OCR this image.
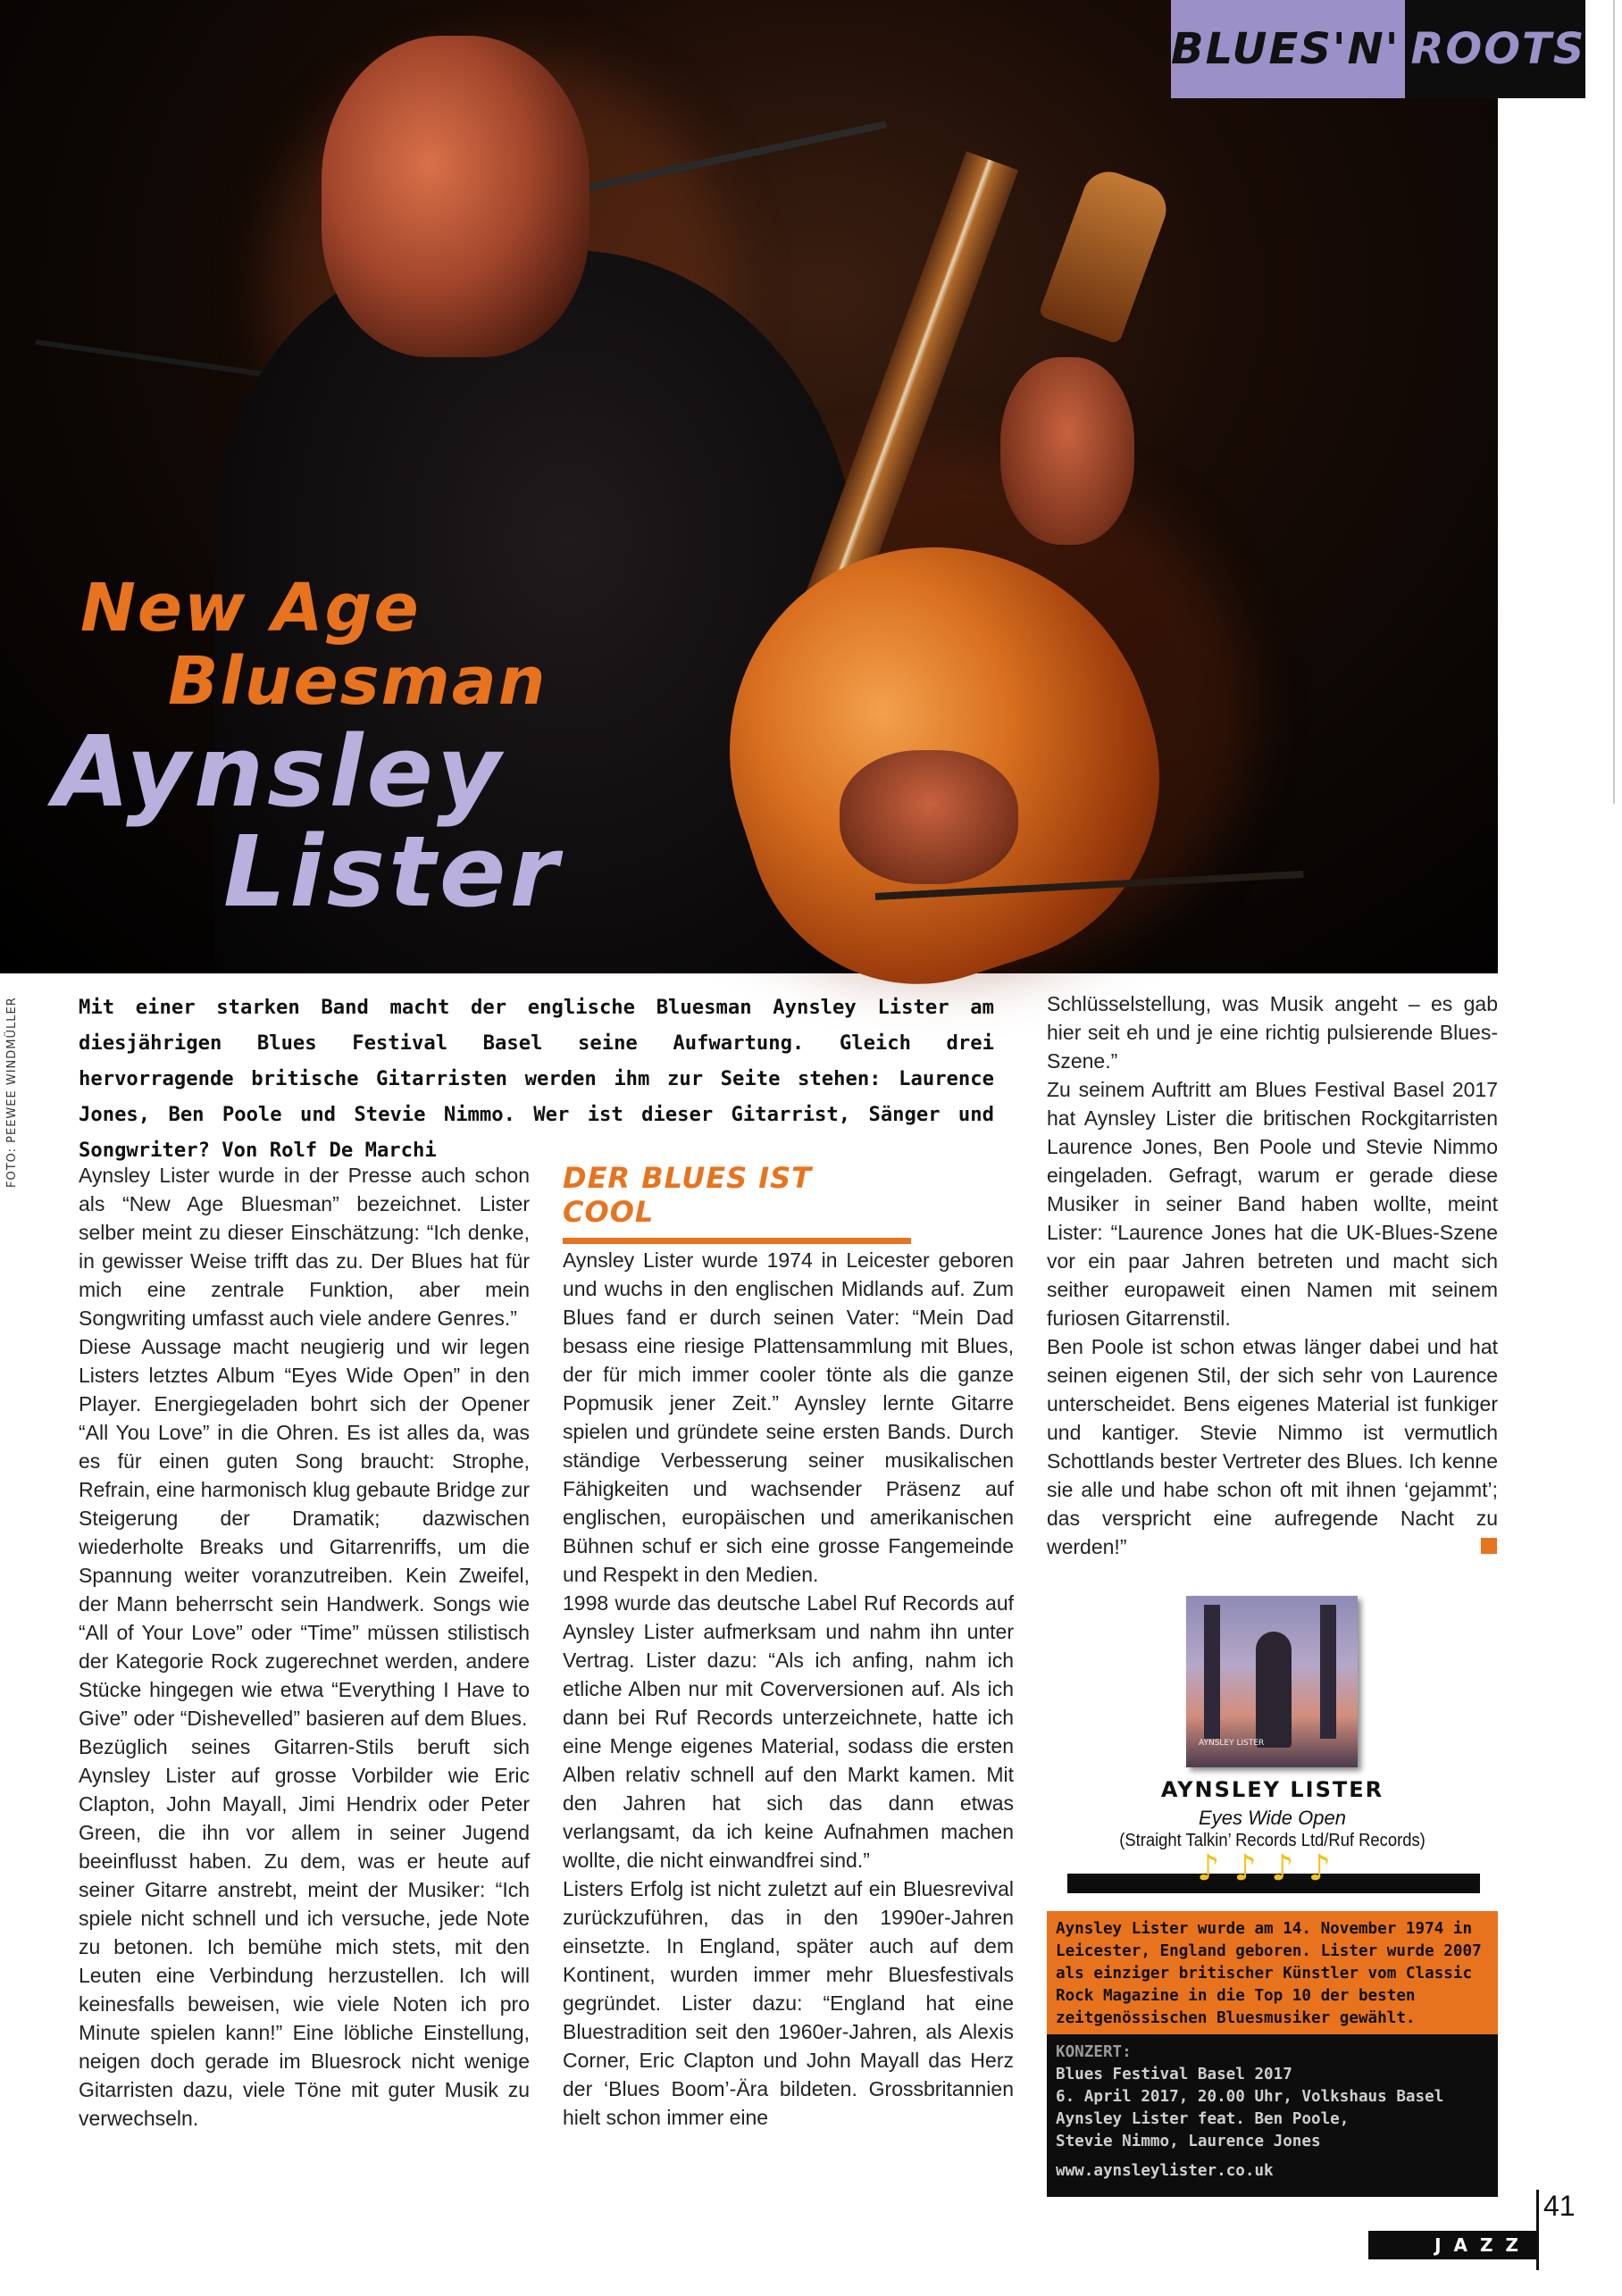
New Age
Bluesman
Aynsley
Lister
BLUES'N' ROOTS
FOTO: PEEWEE WINDMÜLLER	Mit einer starken Band macht der englische Bluesman Aynsley Lister am diesjährigen Blues Festival Basel seine Aufwartung. Gleich drei hervorragende britische Gitarristen werden ihm zur Seite stehen: Laurence Jones, Ben Poole und Stevie Nimmo. Wer ist dieser Gitarrist, Sänger und Songwriter? Von Rolf De Marchi

Aynsley Lister wurde in der Presse auch schon als “New Age Bluesman” bezeichnet. Lister selber meint zu dieser Einschätzung: “Ich denke, in gewisser Weise trifft das zu. Der Blues hat für mich eine zentrale Funktion, aber mein Songwriting umfasst auch viele andere Genres.”

Diese Aussage macht neugierig und wir legen Listers letztes Album “Eyes Wide Open” in den Player. Energiegeladen bohrt sich der Opener “All You Love” in die Ohren. Es ist alles da, was es für einen guten Song braucht: Strophe, Refrain, eine harmonisch klug gebaute Bridge zur Steigerung der Dramatik; dazwischen wiederholte Breaks und Gitarrenriffs, um die Spannung weiter voranzutreiben. Kein Zweifel, der Mann beherrscht sein Handwerk. Songs wie “All of Your Love” oder “Time” müssen stilistisch der Kategorie Rock zugerechnet werden, andere Stücke hingegen wie etwa “Everything I Have to Give” oder “Dishevelled” basieren auf dem Blues.

Bezüglich seines Gitarren-Stils beruft sich Aynsley Lister auf grosse Vorbilder wie Eric Clapton, John Mayall, Jimi Hendrix oder Peter Green, die ihn vor allem in seiner Jugend beeinflusst haben. Zu dem, was er heute auf seiner Gitarre anstrebt, meint der Musiker: “Ich spiele nicht schnell und ich versuche, jede Note zu betonen. Ich bemühe mich stets, mit den Leuten eine Verbindung herzustellen. Ich will keinesfalls beweisen, wie viele Noten ich pro Minute spielen kann!” Eine löbliche Einstellung, neigen doch gerade im Bluesrock nicht wenige Gitarristen dazu, viele Töne mit guter Musik zu verwechseln.

DER BLUES IST COOL

Aynsley Lister wurde 1974 in Leicester geboren und wuchs in den englischen Midlands auf. Zum Blues fand er durch seinen Vater: “Mein Dad besass eine riesige Plattensammlung mit Blues, der für mich immer cooler tönte als die ganze Popmusik jener Zeit.” Aynsley lernte Gitarre spielen und gründete seine ersten Bands. Durch ständige Verbesserung seiner musikalischen Fähigkeiten und wachsender Präsenz auf englischen, europäischen und amerikanischen Bühnen schuf er sich eine grosse Fangemeinde und Respekt in den Medien.

1998 wurde das deutsche Label Ruf Records auf Aynsley Lister aufmerksam und nahm ihn unter Vertrag. Lister dazu: “Als ich anfing, nahm ich etliche Alben nur mit Coverversionen auf. Als ich dann bei Ruf Records unterzeichnete, hatte ich eine Menge eigenes Material, sodass die ersten Alben relativ schnell auf den Markt kamen. Mit den Jahren hat sich das dann etwas verlangsamt, da ich keine Aufnahmen machen wollte, die nicht einwandfrei sind.”

Listers Erfolg ist nicht zuletzt auf ein Bluesrevival zurückzuführen, das in den 1990er-Jahren einsetzte. In England, später auch auf dem Kontinent, wurden immer mehr Bluesfestivals gegründet. Lister dazu: “England hat eine Bluestradition seit den 1960er-Jahren, als Alexis Corner, Eric Clapton und John Mayall das Herz der ‘Blues Boom’-Ära bildeten. Grossbritannien hielt schon immer eine

Schlüsselstellung, was Musik angeht – es gab hier seit eh und je eine richtig pulsierende Blues-Szene.”

Zu seinem Auftritt am Blues Festival Basel 2017 hat Aynsley Lister die britischen Rockgitarristen Laurence Jones, Ben Poole und Stevie Nimmo eingeladen. Gefragt, warum er gerade diese Musiker in seiner Band haben wollte, meint Lister: “Laurence Jones hat die UK-Blues-Szene vor ein paar Jahren betreten und macht sich seither europaweit einen Namen mit seinem furiosen Gitarrenstil.

Ben Poole ist schon etwas länger dabei und hat seinen eigenen Stil, der sich sehr von Laurence unterscheidet. Bens eigenes Material ist funkiger und kantiger. Stevie Nimmo ist vermutlich Schottlands bester Vertreter des Blues. Ich kenne sie alle und habe schon oft mit ihnen ‘gejammt’; das verspricht eine aufregende Nacht zu werden!”

AYNSLEY LISTER
AYNSLEY LISTER
Eyes Wide Open
(Straight Talkin’ Records Ltd/Ruf Records)
♪ ♪ ♪ ♪
Aynsley Lister wurde am 14. November 1974 in Leicester, England geboren. Lister wurde 2007 als einziger britischer Künstler vom Classic Rock Magazine in die Top 10 der besten zeitgenössischen Bluesmusiker gewählt.
KONZERT:
Blues Festival Basel 2017
6. April 2017, 20.00 Uhr, Volkshaus Basel
Aynsley Lister feat. Ben Poole,
Stevie Nimmo, Laurence Jones
www.aynsleylister.co.uk
41
JAZZ
